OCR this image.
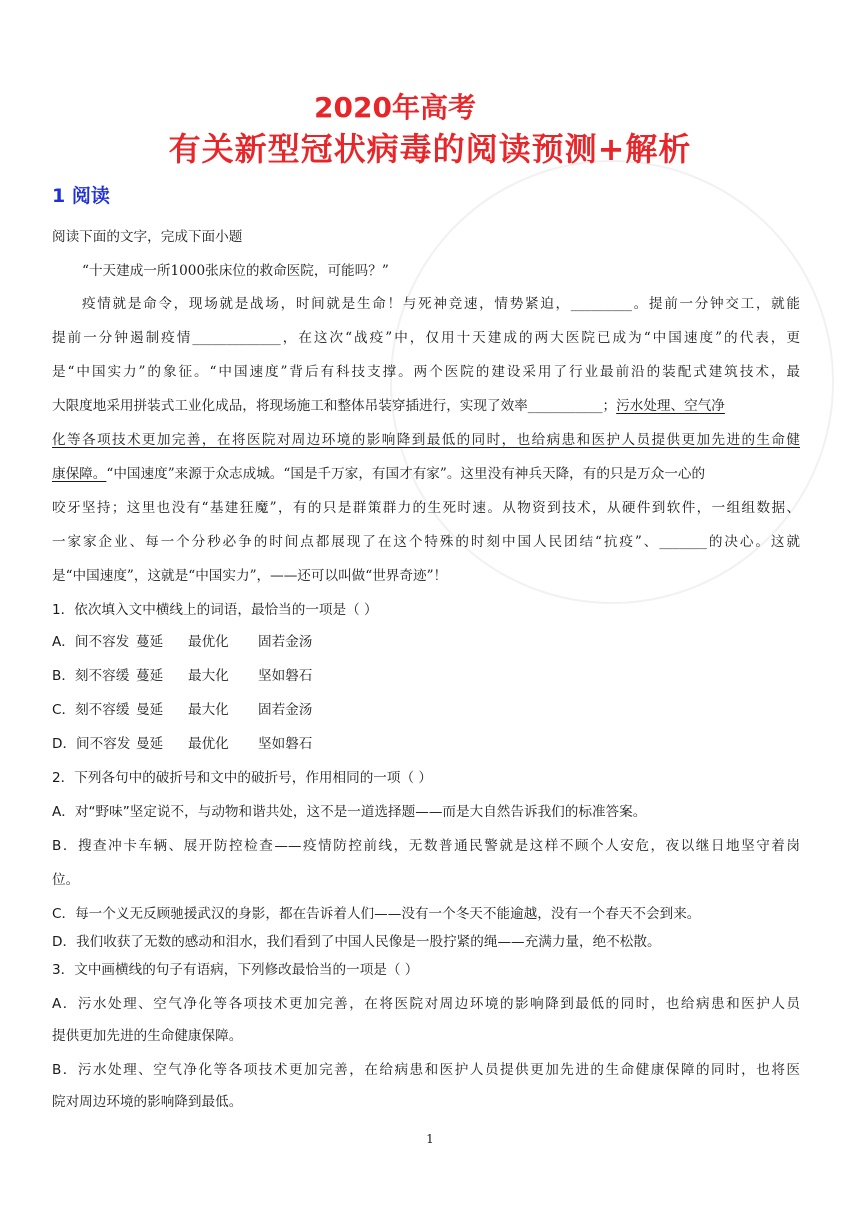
2020年高考
有关新型冠状病毒的阅读预测+解析
1 阅读
阅读下面的文字，完成下面小题
“十天建成一所1000张床位的救命医院，可能吗？”
疫情就是命令，现场就是战场，时间就是生命！与死神竞速，情势紧迫，_________。提前一分钟交工，就能
提前一分钟遏制疫情_____________，在这次“战疫”中，仅用十天建成的两大医院已成为“中国速度”的代表，更
是“中国实力”的象征。“中国速度”背后有科技支撑。两个医院的建设采用了行业最前沿的装配式建筑技术，最
大限度地采用拼装式工业化成品，将现场施工和整体吊装穿插进行，实现了效率___________；污水处理、空气净
化等各项技术更加完善，在将医院对周边环境的影响降到最低的同时，也给病患和医护人员提供更加先进的生命健
康保障。“中国速度”来源于众志成城。“国是千万家，有国才有家”。这里没有神兵天降，有的只是万众一心的
咬牙坚持；这里也没有“基建狂魔”，有的只是群策群力的生死时速。从物资到技术，从硬件到软件，一组组数据、
一家家企业、每一个分秒必争的时间点都展现了在这个特殊的时刻中国人民团结“抗疫”、_______的决心。这就
是“中国速度”，这就是“中国实力”，——还可以叫做“世界奇迹”！
1．依次填入文中横线上的词语，最恰当的一项是（ ）
A．间不容发 蔓延 最优化 固若金汤
B．刻不容缓 蔓延 最大化 坚如磐石
C．刻不容缓 曼延 最大化 固若金汤
D．间不容发 曼延 最优化 坚如磐石
2．下列各句中的破折号和文中的破折号，作用相同的一项（ ）
A．对“野味”坚定说不，与动物和谐共处，这不是一道选择题——而是大自然告诉我们的标准答案。
B．搜查冲卡车辆、展开防控检查——疫情防控前线，无数普通民警就是这样不顾个人安危，夜以继日地坚守着岗
位。
C．每一个义无反顾驰援武汉的身影，都在告诉着人们——没有一个冬天不能逾越，没有一个春天不会到来。
D．我们收获了无数的感动和泪水，我们看到了中国人民像是一股拧紧的绳——充满力量，绝不松散。
3．文中画横线的句子有语病，下列修改最恰当的一项是（ ）
A．污水处理、空气净化等各项技术更加完善，在将医院对周边环境的影响降到最低的同时，也给病患和医护人员
提供更加先进的生命健康保障。
B．污水处理、空气净化等各项技术更加完善，在给病患和医护人员提供更加先进的生命健康保障的同时，也将医
院对周边环境的影响降到最低。
1
